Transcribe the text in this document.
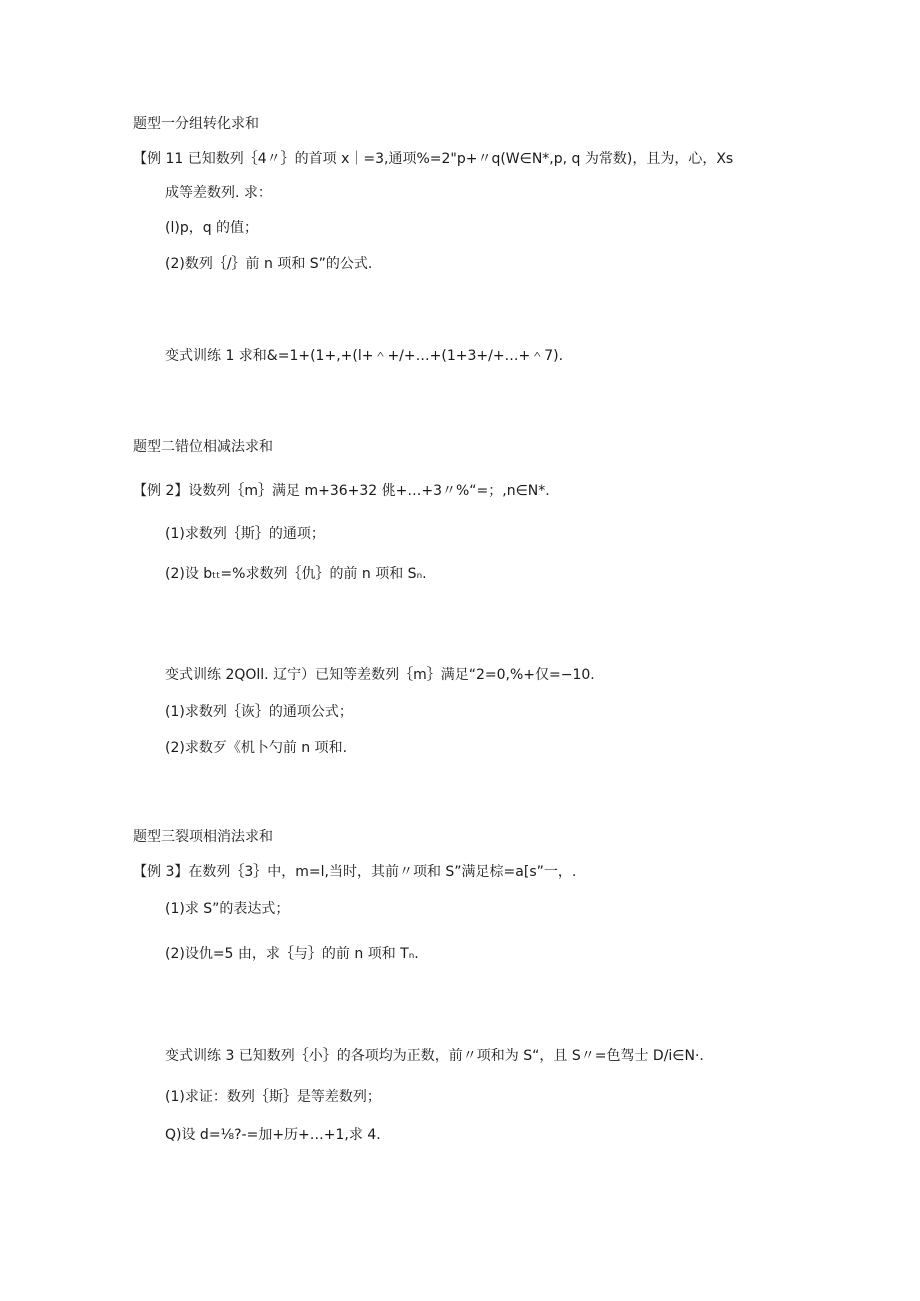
题型一分组转化求和
【例 11 已知数列｛4〃｝的首项 x｜=3,通项%=2"p+〃q(W∈N*,p, q 为常数)，且为，心，Xs
成等差数列. 求：
(l)p，q 的值；
(2)数列｛/｝前 n 项和 S”的公式.
变式训练 1 求和&=1+(1+,+(l+＾+/+…+(1+3+/+…+＾7).
题型二错位相减法求和
【例 2】设数列｛m｝满足 m+36+32 佻+…+3〃%“=；,n∈N*.
(1)求数列｛斯｝的通项；
(2)设 bₜₜ=%求数列｛仇｝的前 n 项和 Sₙ.
变式训练 2QOll. 辽宁）已知等差数列｛m｝满足“2=0,%+仅=−10.
(1)求数列｛诙｝的通项公式；
(2)求数歹《机卜勺前 n 项和.
题型三裂项相消法求和
【例 3】在数列｛3｝中，m=l,当时，其前〃项和 S”满足棕=a[s”一，.
(1)求 S”的表达式；
(2)设仇=5 由，求｛与｝的前 n 项和 Tₙ.
变式训练 3 已知数列｛小｝的各项均为正数，前〃项和为 S“，且 S〃=色驾士 D/i∈N·.
(1)求证：数列｛斯｝是等差数列；
Q)设 d=⅛?-=加+历+…+1,求 4.
